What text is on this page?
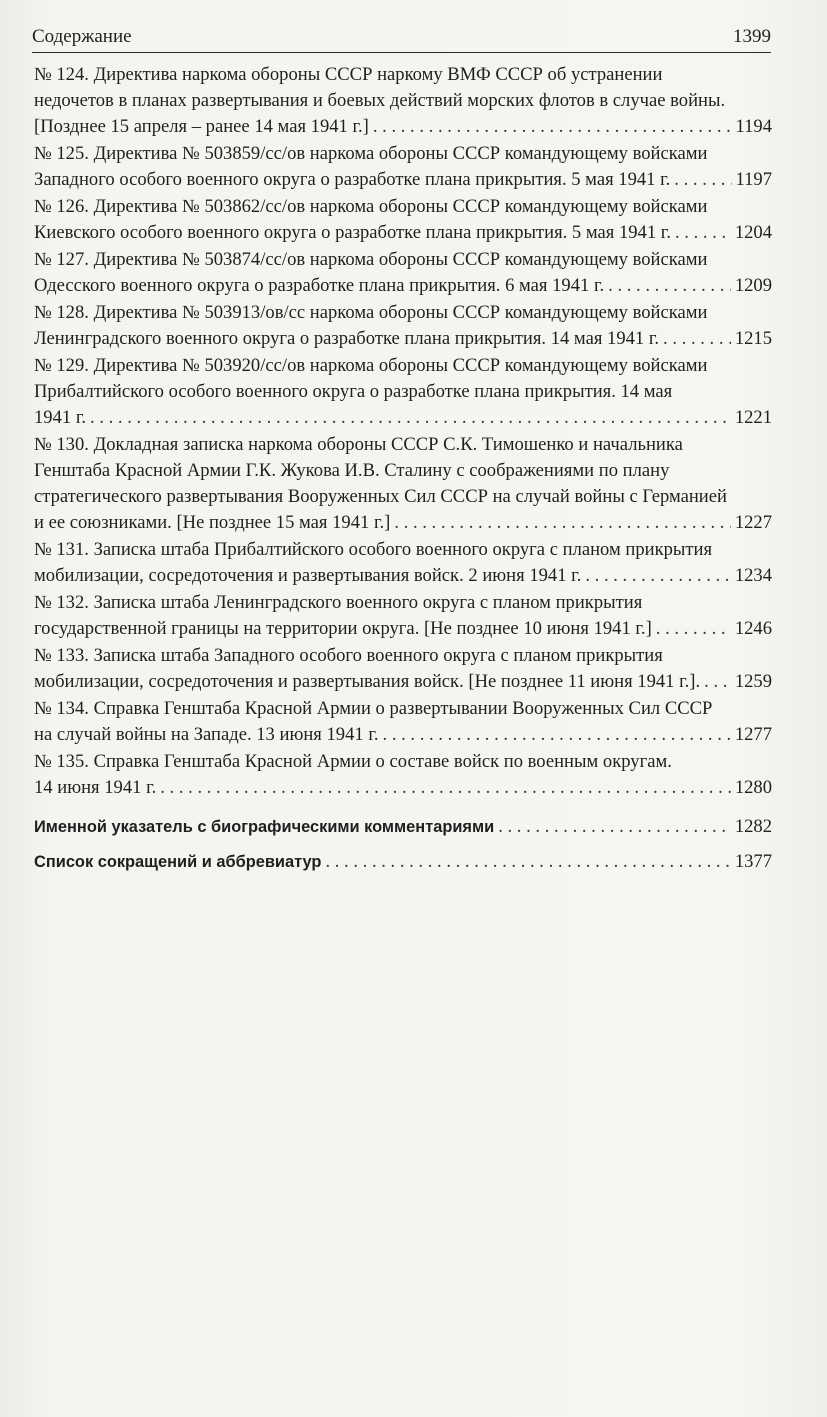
Содержание	1399
№ 124. Директива наркома обороны СССР наркому ВМФ СССР об устранении
недочетов в планах развертывания и боевых действий морских флотов в случае войны.
[Позднее 15 апреля – ранее 14 мая 1941 г.] . . .	1194
№ 125. Директива № 503859/сс/ов наркома обороны СССР командующему войсками
Западного особого военного округа о разработке плана прикрытия. 5 мая 1941 г. . . .	1197
№ 126. Директива № 503862/сс/ов наркома обороны СССР командующему войсками
Киевского особого военного округа о разработке плана прикрытия. 5 мая 1941 г. . . .	1204
№ 127. Директива № 503874/сс/ов наркома обороны СССР командующему войсками
Одесского военного округа о разработке плана прикрытия. 6 мая 1941 г. . . .	1209
№ 128. Директива № 503913/ов/сс наркома обороны СССР командующему войсками
Ленинградского военного округа о разработке плана прикрытия. 14 мая 1941 г. . . .	1215
№ 129. Директива № 503920/сс/ов наркома обороны СССР командующему войсками
Прибалтийского особого военного округа о разработке плана прикрытия. 14 мая
1941 г. . . .	1221
№ 130. Докладная записка наркома обороны СССР С.К. Тимошенко и начальника
Генштаба Красной Армии Г.К. Жукова И.В. Сталину с соображениями по плану
стратегического развертывания Вооруженных Сил СССР на случай войны с Германией
и ее союзниками. [Не позднее 15 мая 1941 г.] . . .	1227
№ 131. Записка штаба Прибалтийского особого военного округа с планом прикрытия
мобилизации, сосредоточения и развертывания войск. 2 июня 1941 г. . . .	1234
№ 132. Записка штаба Ленинградского военного округа с планом прикрытия
государственной границы на территории округа. [Не позднее 10 июня 1941 г.] . . .	1246
№ 133. Записка штаба Западного особого военного округа с планом прикрытия
мобилизации, сосредоточения и развертывания войск. [Не позднее 11 июня 1941 г.]. . . . 1259
№ 134. Справка Генштаба Красной Армии о развертывании Вооруженных Сил СССР
на случай войны на Западе. 13 июня 1941 г. . . .	1277
№ 135. Справка Генштаба Красной Армии о составе войск по военным округам.
14 июня 1941 г. . . .	1280
Именной указатель с биографическими комментариями . . .	1282
Список сокращений и аббревиатур . . .	1377
